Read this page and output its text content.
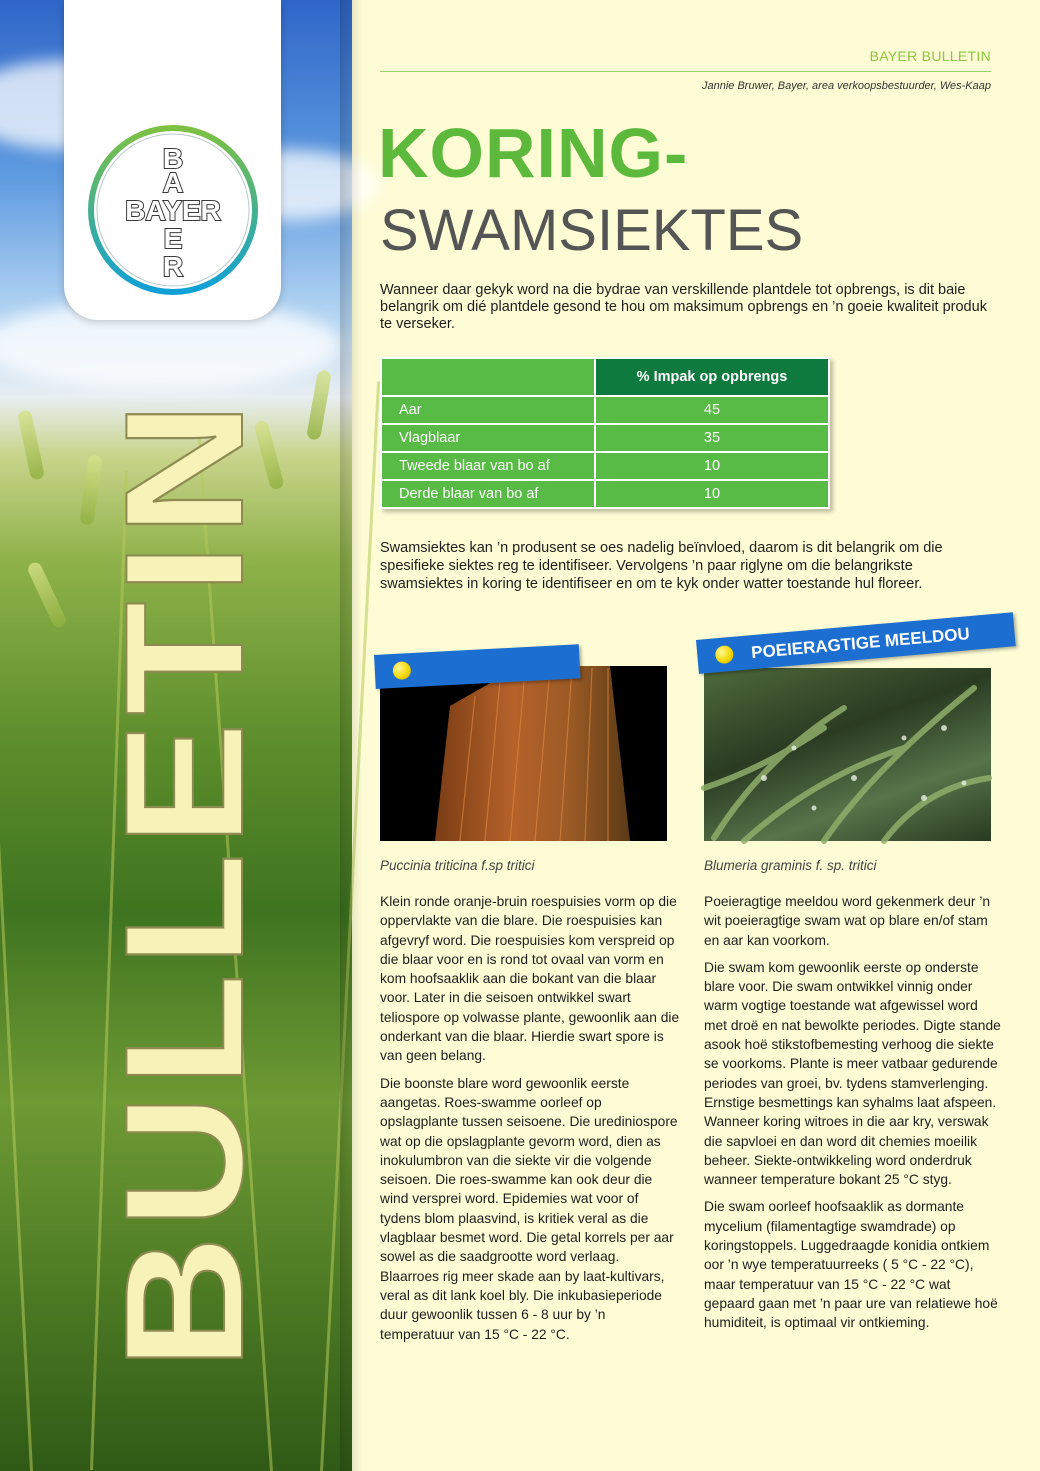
B
A
BAYER
E
R
BULLETIN
BAYER BULLETIN
Jannie Bruwer, Bayer, area verkoopsbestuurder, Wes-Kaap
KORING-
SWAMSIEKTES
Wanneer daar gekyk word na die bydrae van verskillende plantdele tot opbrengs, is dit baie belangrik om dié plantdele gesond te hou om maksimum opbrengs en ’n goeie kwaliteit produk te verseker.
	% Impak op opbrengs
Aar	45
Vlagblaar	35
Tweede blaar van bo af	10
Derde blaar van bo af	10
Swamsiektes kan ’n produsent se oes nadelig beïnvloed, daarom is dit belangrik om die spesifieke siektes reg te identifiseer. Vervolgens ’n paar riglyne om die belangrikste swamsiektes in koring te identifiseer en om te kyk onder watter toestande hul floreer.
Puccinia triticina f.sp tritici

Klein ronde oranje-bruin roespuisies vorm op die oppervlakte van die blare. Die roespuisies kan afgevryf word. Die roespuisies kom verspreid op die blaar voor en is rond tot ovaal van vorm en kom hoofsaaklik aan die bokant van die blaar voor. Later in die seisoen ontwikkel swart teliospore op volwasse plante, gewoonlik aan die onderkant van die blaar. Hierdie swart spore is van geen belang.

Die boonste blare word gewoonlik eerste aangetas. Roes-swamme oorleef op opslagplante tussen seisoene. Die urediniospore wat op die opslagplante gevorm word, dien as inokulumbron van die siekte vir die volgende seisoen. Die roes-swamme kan ook deur die wind versprei word. Epidemies wat voor of tydens blom plaasvind, is kritiek veral as die vlagblaar besmet word. Die getal korrels per aar sowel as die saadgrootte word verlaag. Blaarroes rig meer skade aan by laat-kultivars, veral as dit lank koel bly. Die inkubasieperiode duur gewoonlik tussen 6 - 8 uur by ’n temperatuur van 15 °C - 22 °C.

POEIERAGTIGE MEELDOU
Blumeria graminis f. sp. tritici

Poeieragtige meeldou word gekenmerk deur ’n wit poeieragtige swam wat op blare en/of stam en aar kan voorkom.

Die swam kom gewoonlik eerste op onderste blare voor. Die swam ontwikkel vinnig onder warm vogtige toestande wat afgewissel word met droë en nat bewolkte periodes. Digte stande asook hoë stikstofbemesting verhoog die siekte se voorkoms. Plante is meer vatbaar gedurende periodes van groei, bv. tydens stamverlenging. Ernstige besmettings kan syhalms laat afspeen. Wanneer koring witroes in die aar kry, verswak die sapvloei en dan word dit chemies moeilik beheer. Siekte-ontwikkeling word onderdruk wanneer temperature bokant 25 °C styg.

Die swam oorleef hoofsaaklik as dormante mycelium (filamentagtige swamdrade) op koringstoppels. Luggedraagde konidia ontkiem oor ’n wye temperatuurreeks ( 5 °C - 22 °C), maar temperatuur van 15 °C - 22 °C wat gepaard gaan met ’n paar ure van relatiewe hoë humiditeit, is optimaal vir ontkieming.
